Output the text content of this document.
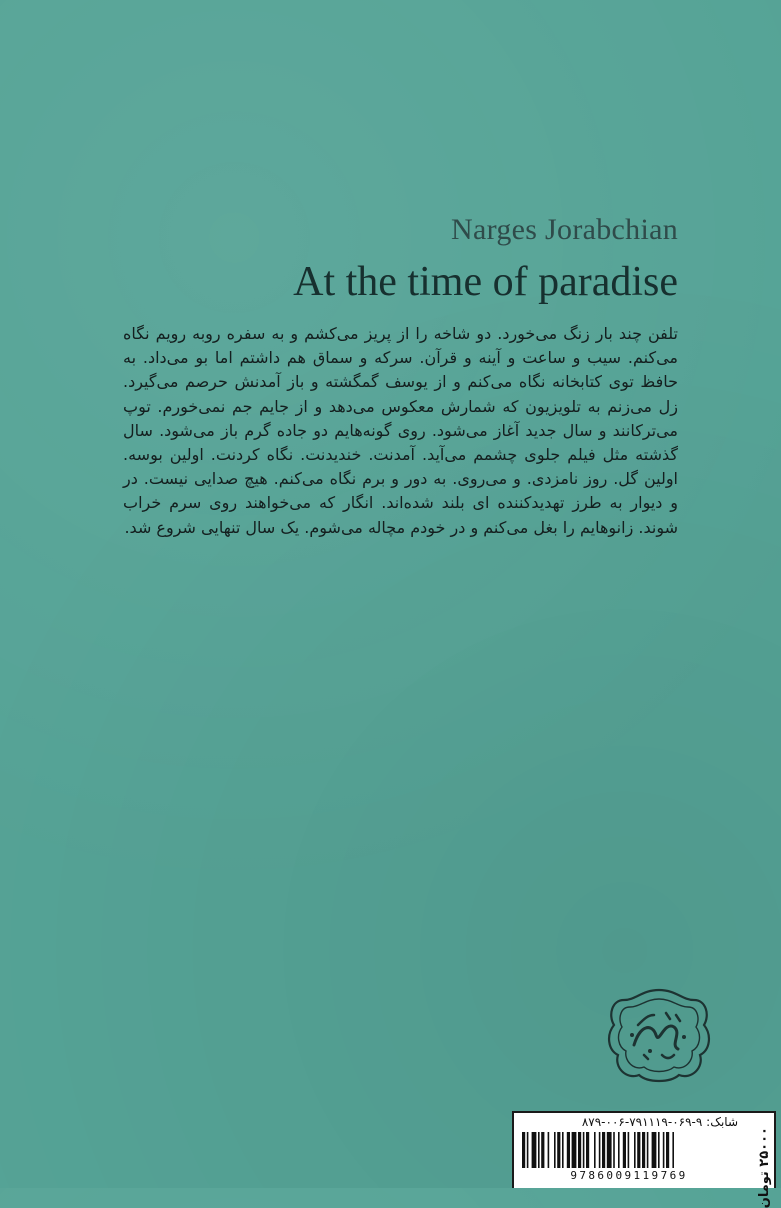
Narges Jorabchian
At the time of paradise
تلفن چند بار زنگ می‌خورد. دو شاخه را از پریز می‌کشم و به سفره روبه رویم نگاه می‌کنم. سیب و ساعت و آینه و قرآن. سرکه و سماق هم داشتم اما بو می‌داد. به حافظ توی کتابخانه نگاه می‌کنم و از یوسف گمگشته و باز آمدنش حرصم می‌گیرد. زل می‌زنم به تلویزیون که شمارش معکوس می‌دهد و از جایم جم نمی‌خورم. توپ می‌ترکانند و سال جدید آغاز می‌شود. روی گونه‌هایم دو جاده گرم باز می‌شود. سال گذشته مثل فیلم جلوی چشمم می‌آید. آمدنت. خندیدنت. نگاه کردنت. اولین بوسه. اولین گل. روز نامزدی. و می‌روی. به دور و برم نگاه می‌کنم. هیچ صدایی نیست. در و دیوار به طرز تهدیدکننده ای بلند شده‌اند. انگار که می‌خواهند روی سرم خراب شوند. زانوهایم را بغل می‌کنم و در خودم مچاله می‌شوم. یک سال تنهایی شروع شد.
شابک: ۹-۰۶۹-۷۹۱۱۱۹-۰۰۶-۸۷۹
9786009119769	۲۵۰۰۰ تومان
